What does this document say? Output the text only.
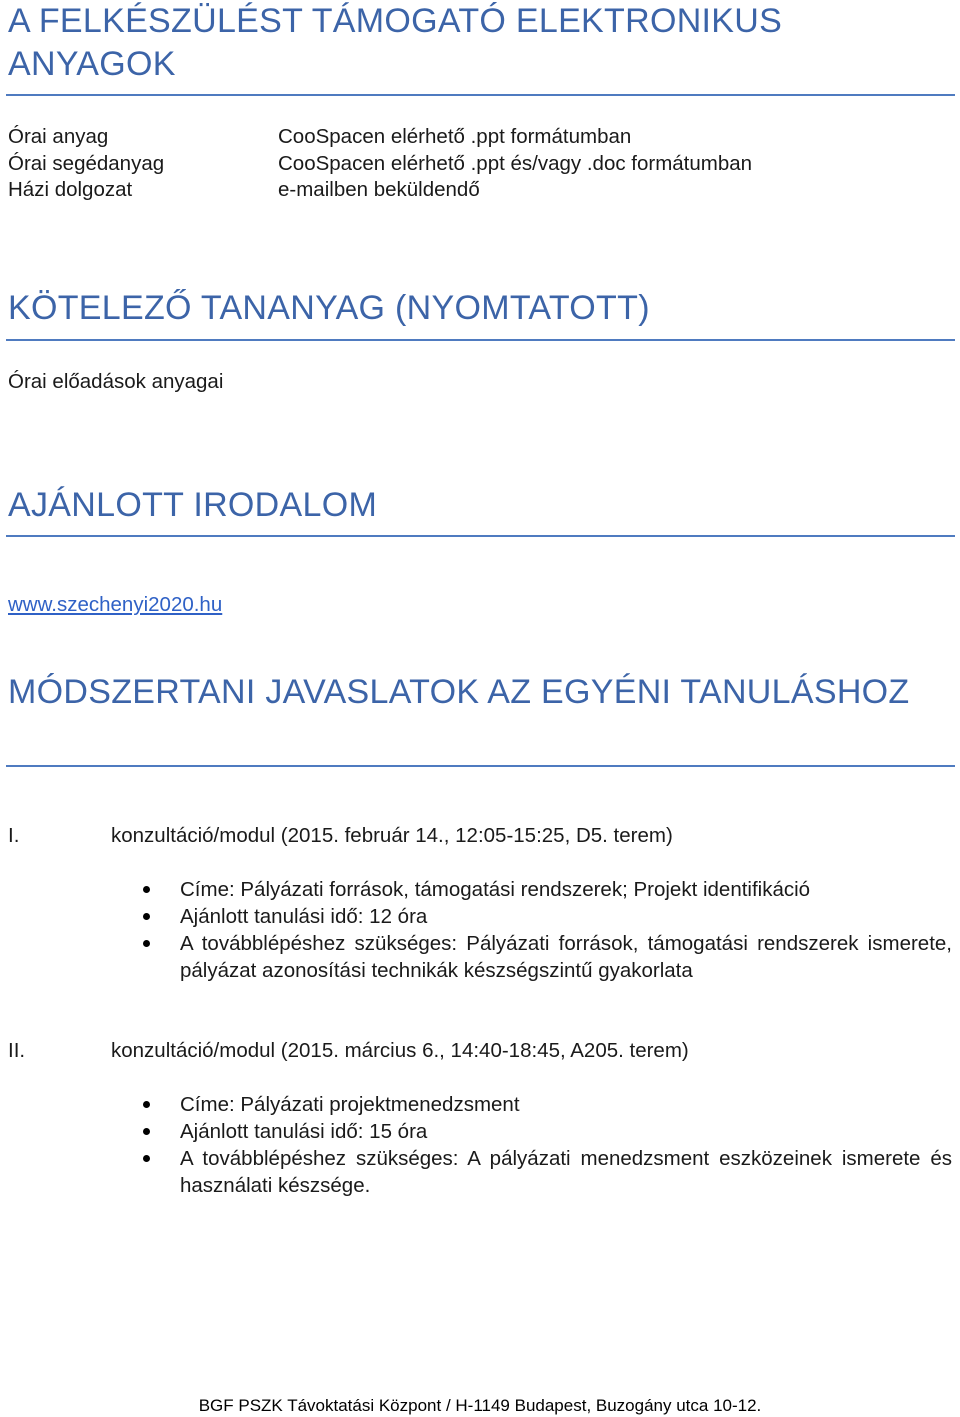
A FELKÉSZÜLÉST TÁMOGATÓ ELEKTRONIKUS ANYAGOK
Órai anyag	CooSpacen elérhető .ppt formátumban
Órai segédanyag	CooSpacen elérhető .ppt és/vagy .doc formátumban
Házi dolgozat	e-mailben beküldendő
KÖTELEZŐ TANANYAG (NYOMTATOTT)
Órai előadások anyagai
AJÁNLOTT IRODALOM
www.szechenyi2020.hu
MÓDSZERTANI JAVASLATOK AZ EGYÉNI TANULÁSHOZ
I.	konzultáció/modul (2015. február 14., 12:05-15:25, D5. terem)
Címe: Pályázati források, támogatási rendszerek; Projekt identifikáció
Ajánlott tanulási idő: 12 óra
A továbblépéshez szükséges: Pályázati források, támogatási rendszerek ismerete, pályázat azonosítási technikák készségszintű gyakorlata
II.	konzultáció/modul (2015. március 6., 14:40-18:45, A205. terem)
Címe: Pályázati projektmenedzsment
Ajánlott tanulási idő: 15 óra
A továbblépéshez szükséges: A pályázati menedzsment eszközeinek ismerete és használati készsége.
BGF PSZK Távoktatási Központ / H-1149 Budapest, Buzogány utca 10-12.
